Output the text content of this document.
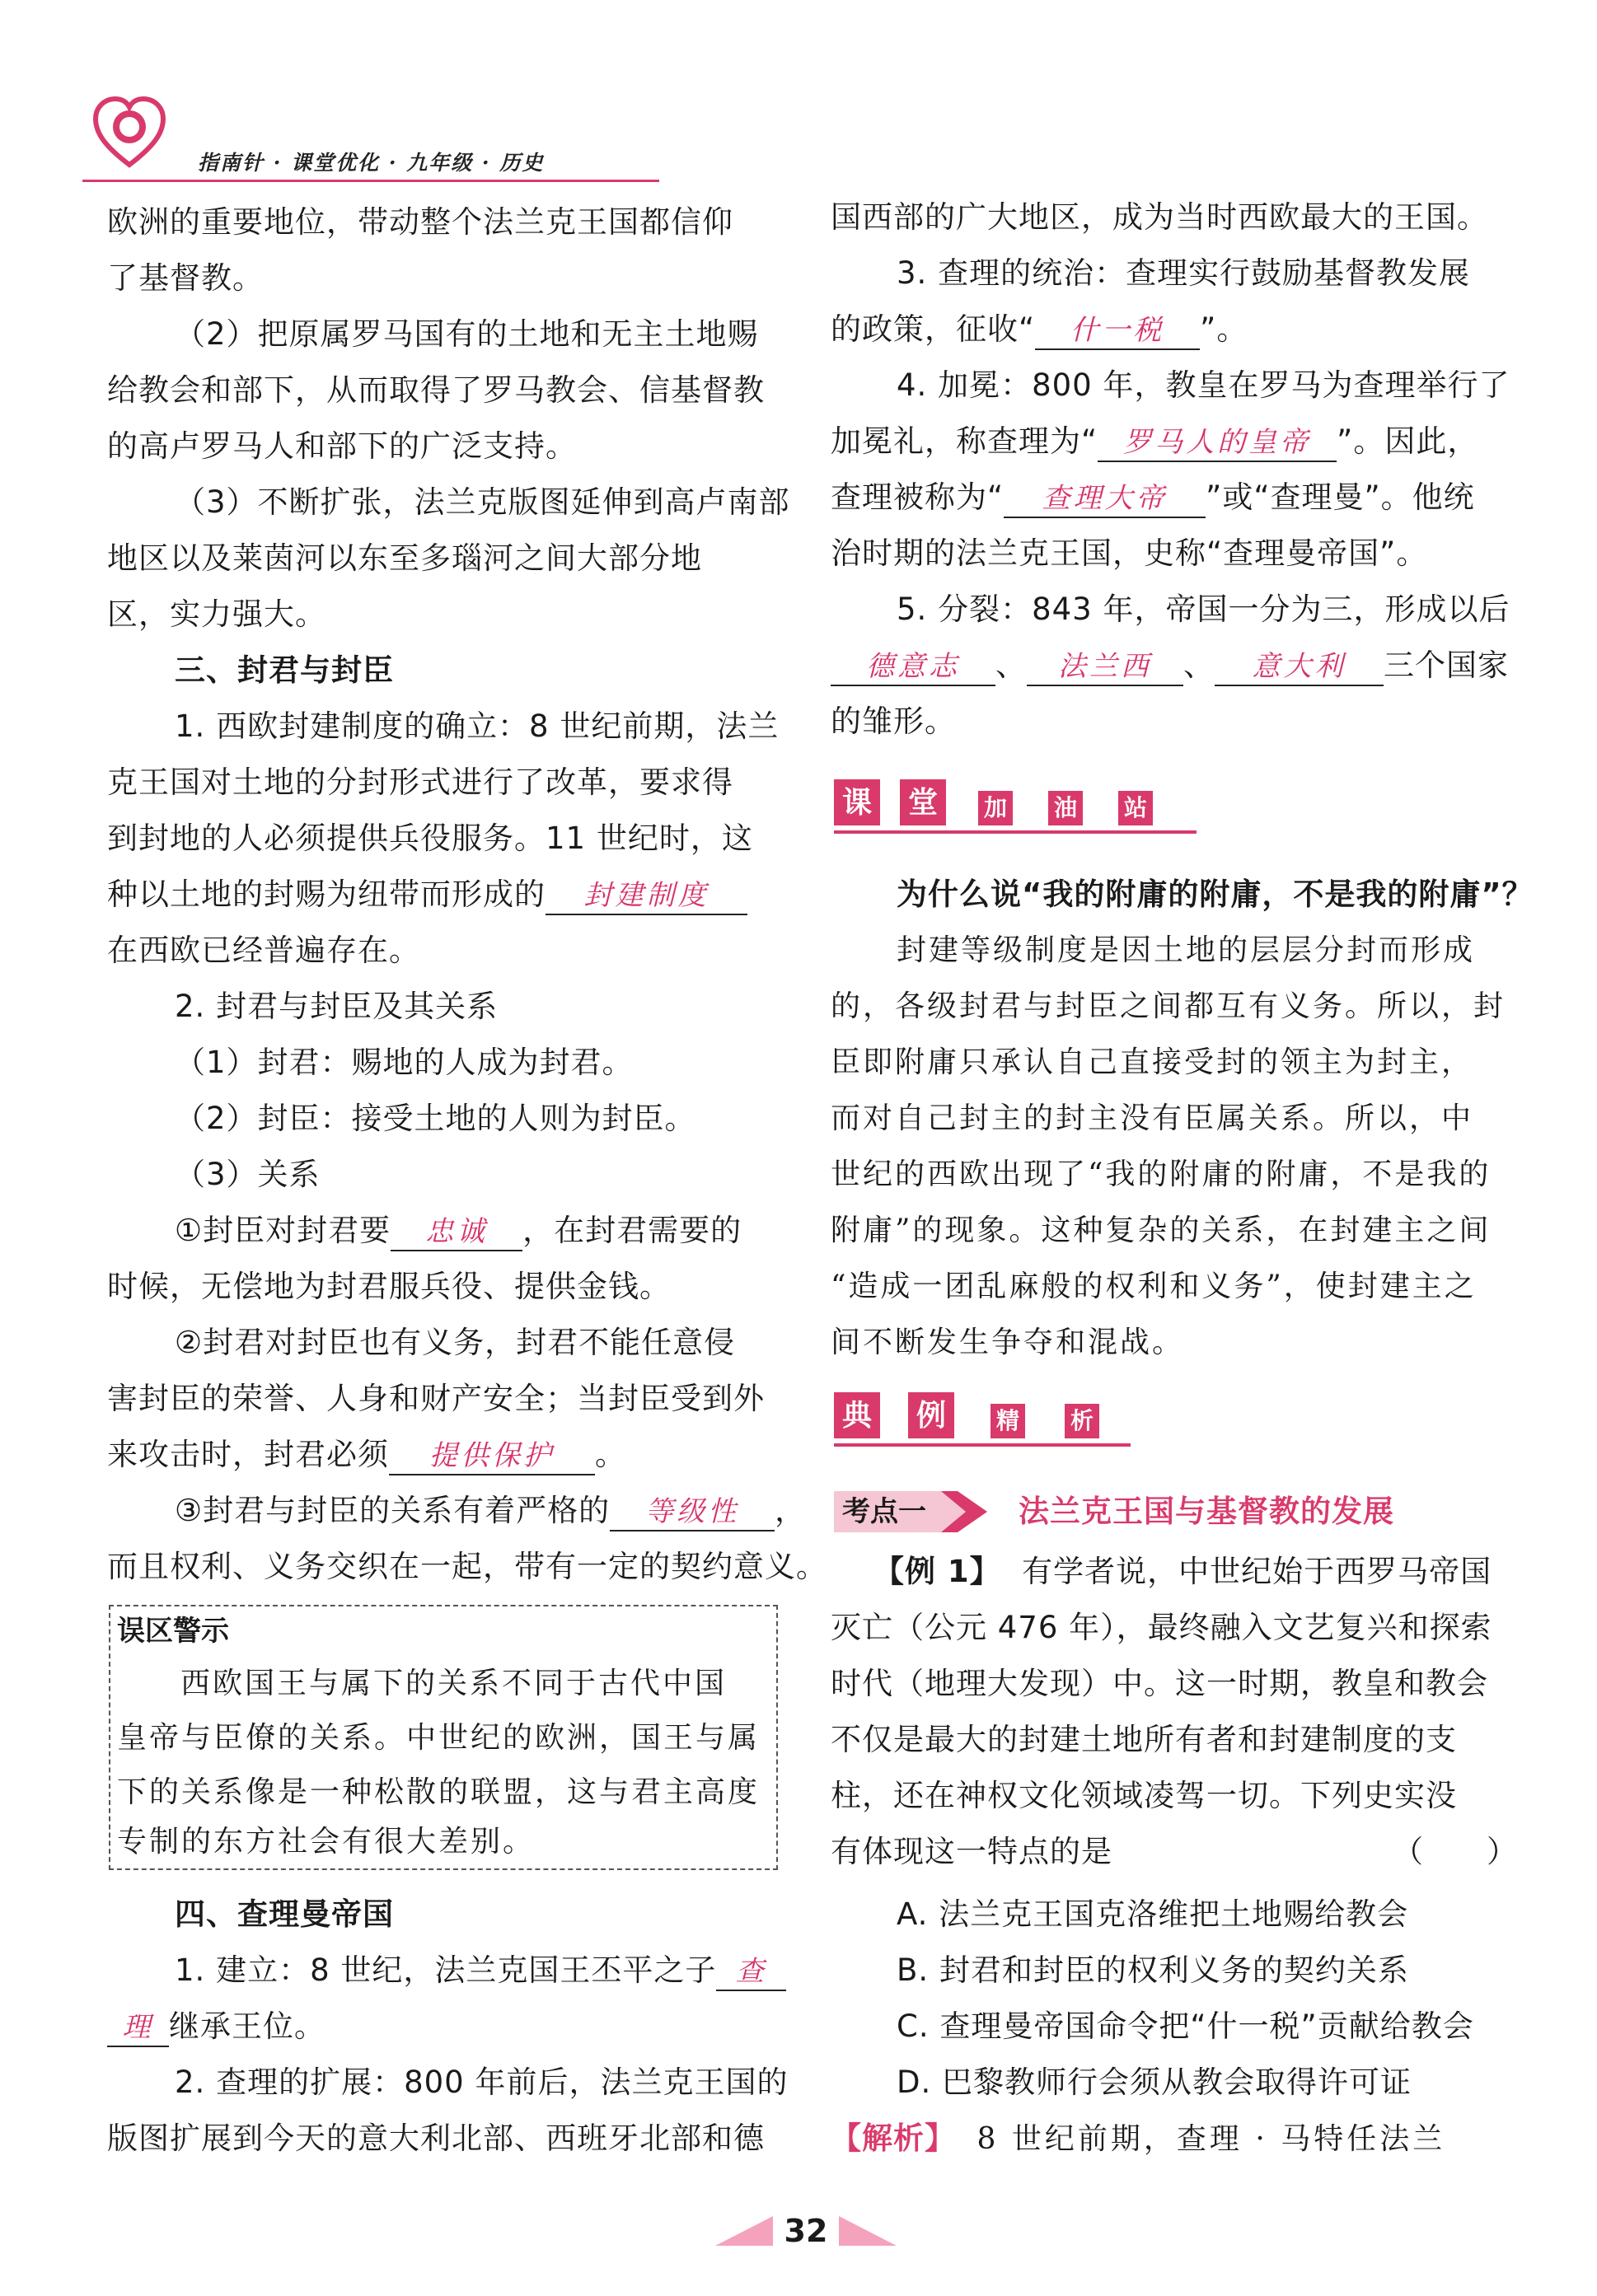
指南针 · 课堂优化 · 九年级 · 历史
欧洲的重要地位，带动整个法兰克王国都信仰
了基督教。
（2）把原属罗马国有的土地和无主土地赐
给教会和部下，从而取得了罗马教会、信基督教
的高卢罗马人和部下的广泛支持。
（3）不断扩张，法兰克版图延伸到高卢南部
地区以及莱茵河以东至多瑙河之间大部分地
区，实力强大。
三、封君与封臣
1. 西欧封建制度的确立：8 世纪前期，法兰
克王国对土地的分封形式进行了改革，要求得
到封地的人必须提供兵役服务。11 世纪时，这
种以土地的封赐为纽带而形成的 封建制度
在西欧已经普遍存在。
2. 封君与封臣及其关系
（1）封君：赐地的人成为封君。
（2）封臣：接受土地的人则为封臣。
（3）关系
①封臣对封君要 忠诚 ，在封君需要的
时候，无偿地为封君服兵役、提供金钱。
②封君对封臣也有义务，封君不能任意侵
害封臣的荣誉、人身和财产安全；当封臣受到外
来攻击时，封君必须 提供保护 。
③封君与封臣的关系有着严格的 等级性 ，
而且权利、义务交织在一起，带有一定的契约意义。
误区警示
西欧国王与属下的关系不同于古代中国
皇帝与臣僚的关系。中世纪的欧洲，国王与属
下的关系像是一种松散的联盟，这与君主高度
专制的东方社会有很大差别。
四、查理曼帝国
1. 建立：8 世纪，法兰克国王丕平之子 查
理 继承王位。
2. 查理的扩展：800 年前后，法兰克王国的
版图扩展到今天的意大利北部、西班牙北部和德
国西部的广大地区，成为当时西欧最大的王国。
3. 查理的统治：查理实行鼓励基督教发展
的政策，征收“ 什一税 ”。
4. 加冕：800 年，教皇在罗马为查理举行了
加冕礼，称查理为“ 罗马人的皇帝 ”。因此，
查理被称为“ 查理大帝 ”或“查理曼”。他统
治时期的法兰克王国，史称“查理曼帝国”。
5. 分裂：843 年，帝国一分为三，形成以后
德意志 、 法兰西 、 意大利 三个国家
的雏形。
课 堂	加 油 站
为什么说“我的附庸的附庸，不是我的附庸”？
封建等级制度是因土地的层层分封而形成
的，各级封君与封臣之间都互有义务。所以，封
臣即附庸只承认自己直接受封的领主为封主，
而对自己封主的封主没有臣属关系。所以，中
世纪的西欧出现了“我的附庸的附庸，不是我的
附庸”的现象。这种复杂的关系，在封建主之间
“造成一团乱麻般的权利和义务”，使封建主之
间不断发生争夺和混战。
典 例	精 析
考点一	法兰克王国与基督教的发展
【例 1】 有学者说，中世纪始于西罗马帝国
灭亡（公元 476 年），最终融入文艺复兴和探索
时代（地理大发现）中。这一时期，教皇和教会
不仅是最大的封建土地所有者和封建制度的支
柱，还在神权文化领域凌驾一切。下列史实没
有体现这一特点的是	（　　）
A. 法兰克王国克洛维把土地赐给教会
B. 封君和封臣的权利义务的契约关系
C. 查理曼帝国命令把“什一税”贡献给教会
D. 巴黎教师行会须从教会取得许可证
【解析】 8 世纪前期，查理 · 马特任法兰
32
